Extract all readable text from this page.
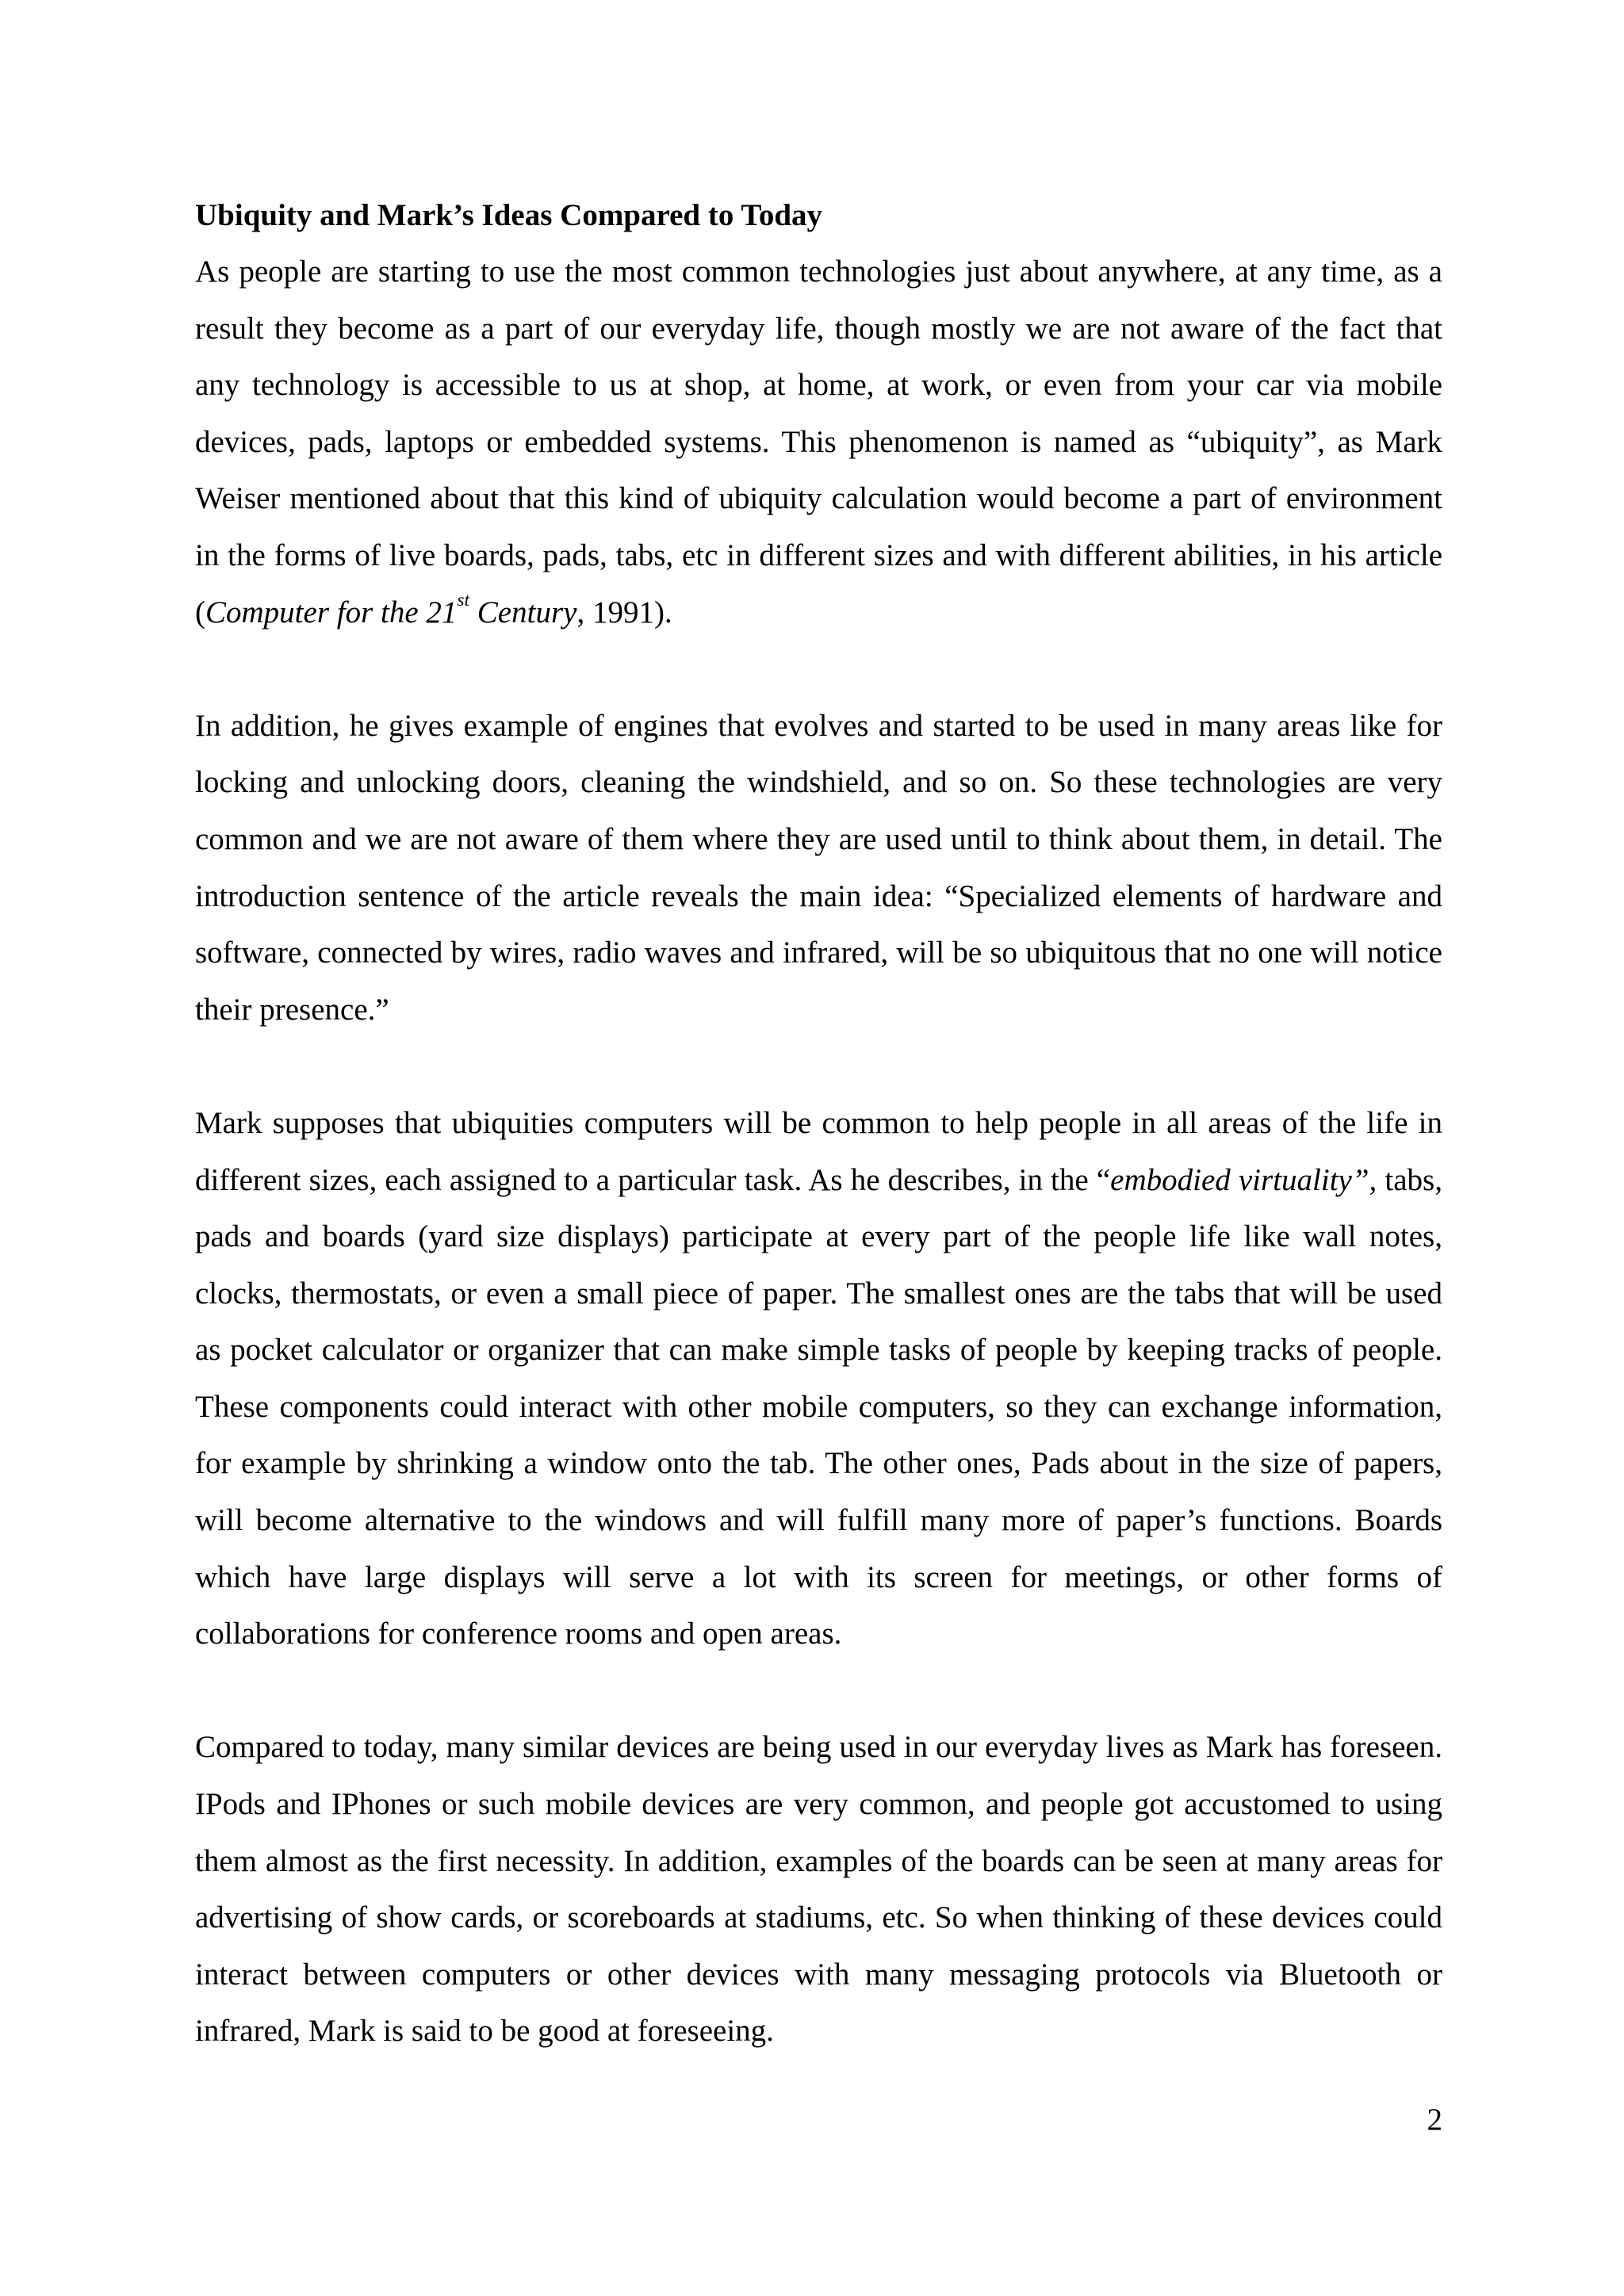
Ubiquity and Mark’s Ideas Compared to Today

As people are starting to use the most common technologies just about anywhere, at any time, as a result they become as a part of our everyday life, though mostly we are not aware of the fact that any technology is accessible to us at shop, at home, at work, or even from your car via mobile devices, pads, laptops or embedded systems. This phenomenon is named as “ubiquity”, as Mark Weiser mentioned about that this kind of ubiquity calculation would become a part of environment in the forms of live boards, pads, tabs, etc in different sizes and with different abilities, in his article (Computer for the 21st Century, 1991).

In addition, he gives example of engines that evolves and started to be used in many areas like for locking and unlocking doors, cleaning the windshield, and so on. So these technologies are very common and we are not aware of them where they are used until to think about them, in detail. The introduction sentence of the article reveals the main idea: “Specialized elements of hardware and software, connected by wires, radio waves and infrared, will be so ubiquitous that no one will notice their presence.”

Mark supposes that ubiquities computers will be common to help people in all areas of the life in different sizes, each assigned to a particular task. As he describes, in the “embodied virtuality”, tabs, pads and boards (yard size displays) participate at every part of the people life like wall notes, clocks, thermostats, or even a small piece of paper. The smallest ones are the tabs that will be used as pocket calculator or organizer that can make simple tasks of people by keeping tracks of people. These components could interact with other mobile computers, so they can exchange information, for example by shrinking a window onto the tab. The other ones, Pads about in the size of papers, will become alternative to the windows and will fulfill many more of paper’s functions. Boards which have large displays will serve a lot with its screen for meetings, or other forms of collaborations for conference rooms and open areas.

Compared to today, many similar devices are being used in our everyday lives as Mark has foreseen. IPods and IPhones or such mobile devices are very common, and people got accustomed to using them almost as the first necessity. In addition, examples of the boards can be seen at many areas for advertising of show cards, or scoreboards at stadiums, etc. So when thinking of these devices could interact between computers or other devices with many messaging protocols via Bluetooth or infrared, Mark is said to be good at foreseeing.

2
